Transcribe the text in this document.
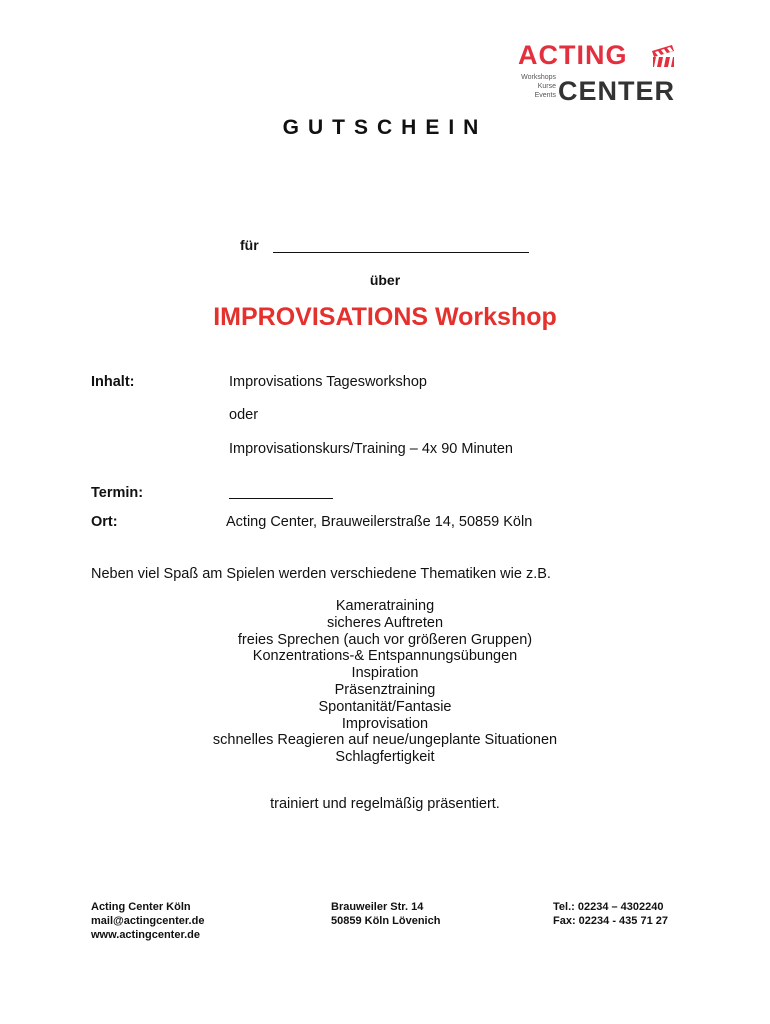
ACTING
Workshops
Kurse
Events CENTER
GUTSCHEIN
für
über
IMPROVISATIONS Workshop
Inhalt:	Improvisations Tagesworkshop
oder
Improvisationskurs/Training – 4x 90 Minuten
Termin:
Ort:	Acting Center, Brauweilerstraße 14, 50859 Köln
Neben viel Spaß am Spielen werden verschiedene Thematiken wie z.B.
Kameratraining
sicheres Auftreten
freies Sprechen (auch vor größeren Gruppen)
Konzentrations-& Entspannungsübungen
Inspiration
Präsenztraining
Spontanität/Fantasie
Improvisation
schnelles Reagieren auf neue/ungeplante Situationen
Schlagfertigkeit
trainiert und regelmäßig präsentiert.
Acting Center Köln
mail@actingcenter.de
www.actingcenter.de
Brauweiler Str. 14
50859 Köln Lövenich
Tel.: 02234 – 4302240
Fax: 02234 - 435 71 27
